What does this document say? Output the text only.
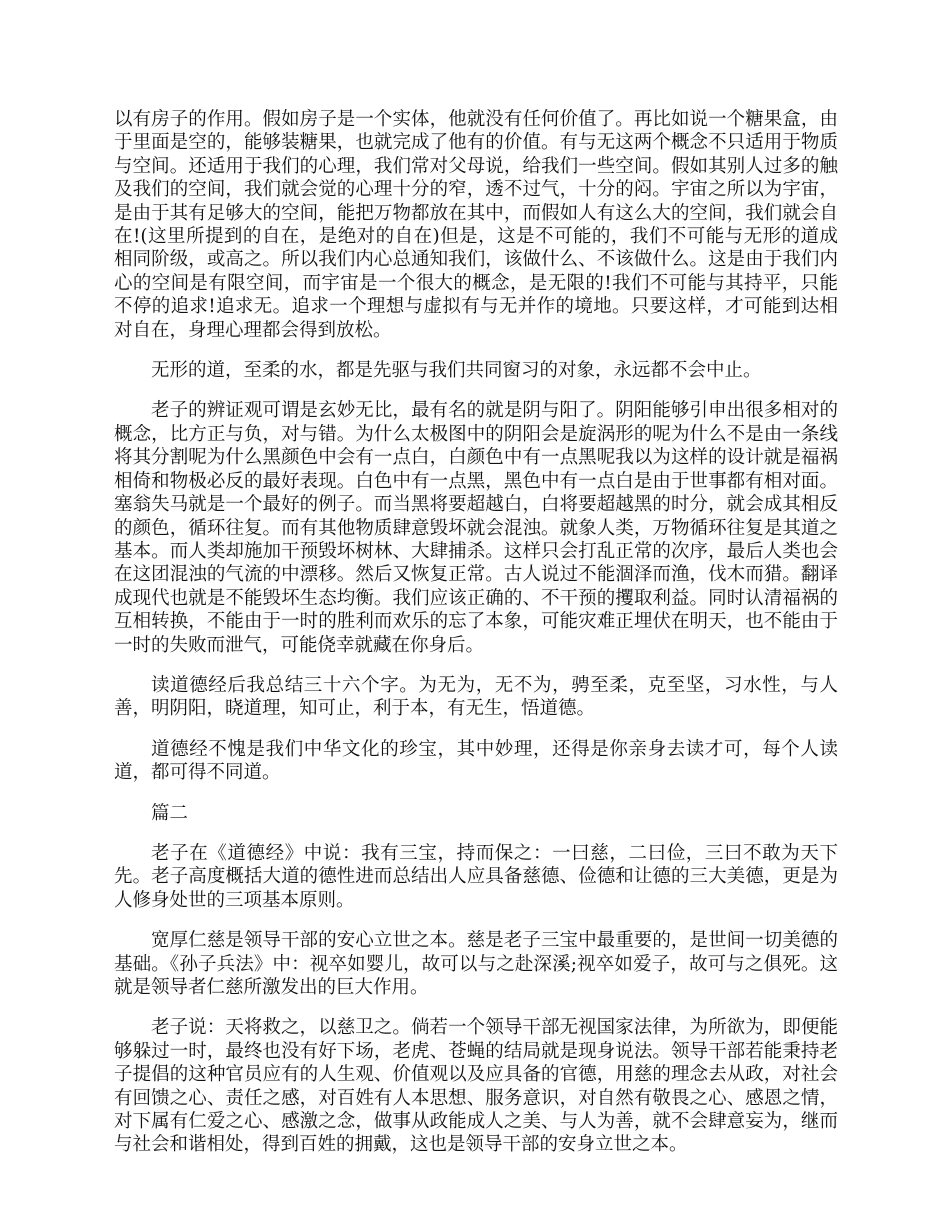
以有房子的作用。假如房子是一个实体，他就没有任何价值了。再比如说一个糖果盒，由于里面是空的，能够装糖果，也就完成了他有的价值。有与无这两个概念不只适用于物质与空间。还适用于我们的心理，我们常对父母说，给我们一些空间。假如其别人过多的触及我们的空间，我们就会觉的心理十分的窄，透不过气，十分的闷。宇宙之所以为宇宙，是由于其有足够大的空间，能把万物都放在其中，而假如人有这么大的空间，我们就会自在!(这里所提到的自在，是绝对的自在)但是，这是不可能的，我们不可能与无形的道成相同阶级，或高之。所以我们内心总通知我们，该做什么、不该做什么。这是由于我们内心的空间是有限空间，而宇宙是一个很大的概念，是无限的!我们不可能与其持平，只能不停的追求!追求无。追求一个理想与虚拟有与无并作的境地。只要这样，才可能到达相对自在，身理心理都会得到放松。

无形的道，至柔的水，都是先驱与我们共同窗习的对象，永远都不会中止。

老子的辨证观可谓是玄妙无比，最有名的就是阴与阳了。阴阳能够引申出很多相对的概念，比方正与负，对与错。为什么太极图中的阴阳会是旋涡形的呢为什么不是由一条线将其分割呢为什么黑颜色中会有一点白，白颜色中有一点黑呢我以为这样的设计就是福祸相倚和物极必反的最好表现。白色中有一点黑，黑色中有一点白是由于世事都有相对面。塞翁失马就是一个最好的例子。而当黑将要超越白，白将要超越黑的时分，就会成其相反的颜色，循环往复。而有其他物质肆意毁坏就会混浊。就象人类，万物循环往复是其道之基本。而人类却施加干预毁坏树林、大肆捕杀。这样只会打乱正常的次序，最后人类也会在这团混浊的气流的中漂移。然后又恢复正常。古人说过不能涸泽而渔，伐木而猎。翻译成现代也就是不能毁坏生态均衡。我们应该正确的、不干预的攫取利益。同时认清福祸的互相转换，不能由于一时的胜利而欢乐的忘了本象，可能灾难正埋伏在明天，也不能由于一时的失败而泄气，可能侥幸就藏在你身后。

读道德经后我总结三十六个字。为无为，无不为，骋至柔，克至坚，习水性，与人善，明阴阳，晓道理，知可止，利于本，有无生，悟道德。

道德经不愧是我们中华文化的珍宝，其中妙理，还得是你亲身去读才可，每个人读道，都可得不同道。

篇二

老子在《道德经》中说：我有三宝，持而保之：一曰慈，二曰俭，三曰不敢为天下先。老子高度概括大道的德性进而总结出人应具备慈德、俭德和让德的三大美德，更是为人修身处世的三项基本原则。

宽厚仁慈是领导干部的安心立世之本。慈是老子三宝中最重要的，是世间一切美德的基础。《孙子兵法》中：视卒如婴儿，故可以与之赴深溪;视卒如爱子，故可与之俱死。这就是领导者仁慈所激发出的巨大作用。

老子说：天将救之，以慈卫之。倘若一个领导干部无视国家法律，为所欲为，即便能够躲过一时，最终也没有好下场，老虎、苍蝇的结局就是现身说法。领导干部若能秉持老子提倡的这种官员应有的人生观、价值观以及应具备的官德，用慈的理念去从政，对社会有回馈之心、责任之感，对百姓有人本思想、服务意识，对自然有敬畏之心、感恩之情，对下属有仁爱之心、感激之念，做事从政能成人之美、与人为善，就不会肆意妄为，继而与社会和谐相处，得到百姓的拥戴，这也是领导干部的安身立世之本。
